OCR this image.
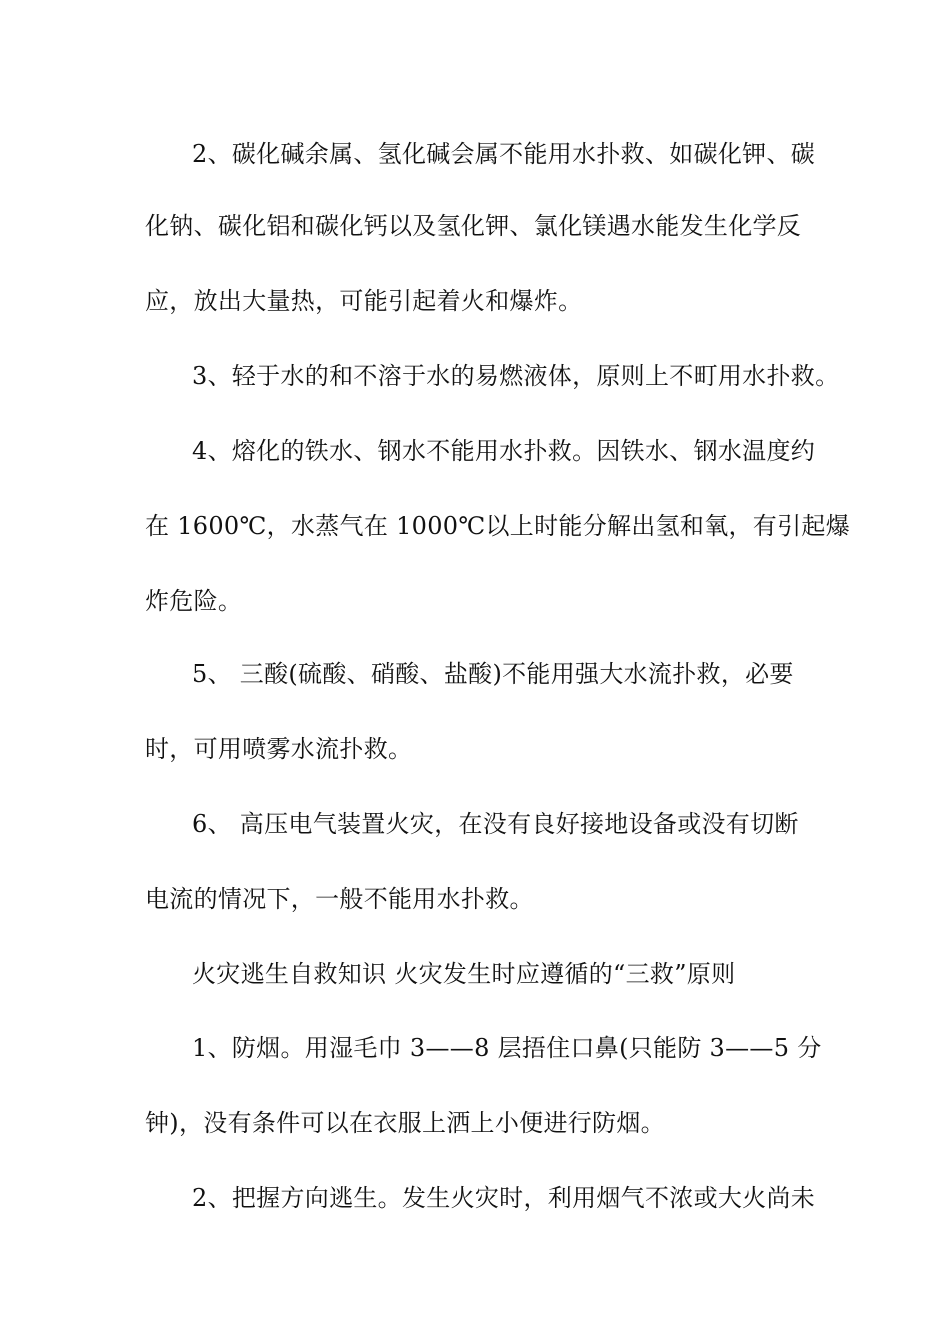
2、碳化碱余属、氢化碱会属不能用水扑救、如碳化钾、碳
化钠、碳化铝和碳化钙以及氢化钾、氯化镁遇水能发生化学反
应，放出大量热，可能引起着火和爆炸。
3、轻于水的和不溶于水的易燃液体，原则上不町用水扑救。
4、熔化的铁水、钢水不能用水扑救。因铁水、钢水温度约
在 1600℃，水蒸气在 1000℃以上时能分解出氢和氧，有引起爆
炸危险。
5、 三酸(硫酸、硝酸、盐酸)不能用强大水流扑救，必要
时，可用喷雾水流扑救。
6、 高压电气装置火灾，在没有良好接地设备或没有切断
电流的情况下，一般不能用水扑救。
火灾逃生自救知识 火灾发生时应遵循的“三救”原则
1、防烟。用湿毛巾 3——8 层捂住口鼻(只能防 3——5 分
钟)，没有条件可以在衣服上洒上小便进行防烟。
2、把握方向逃生。发生火灾时，利用烟气不浓或大火尚未
